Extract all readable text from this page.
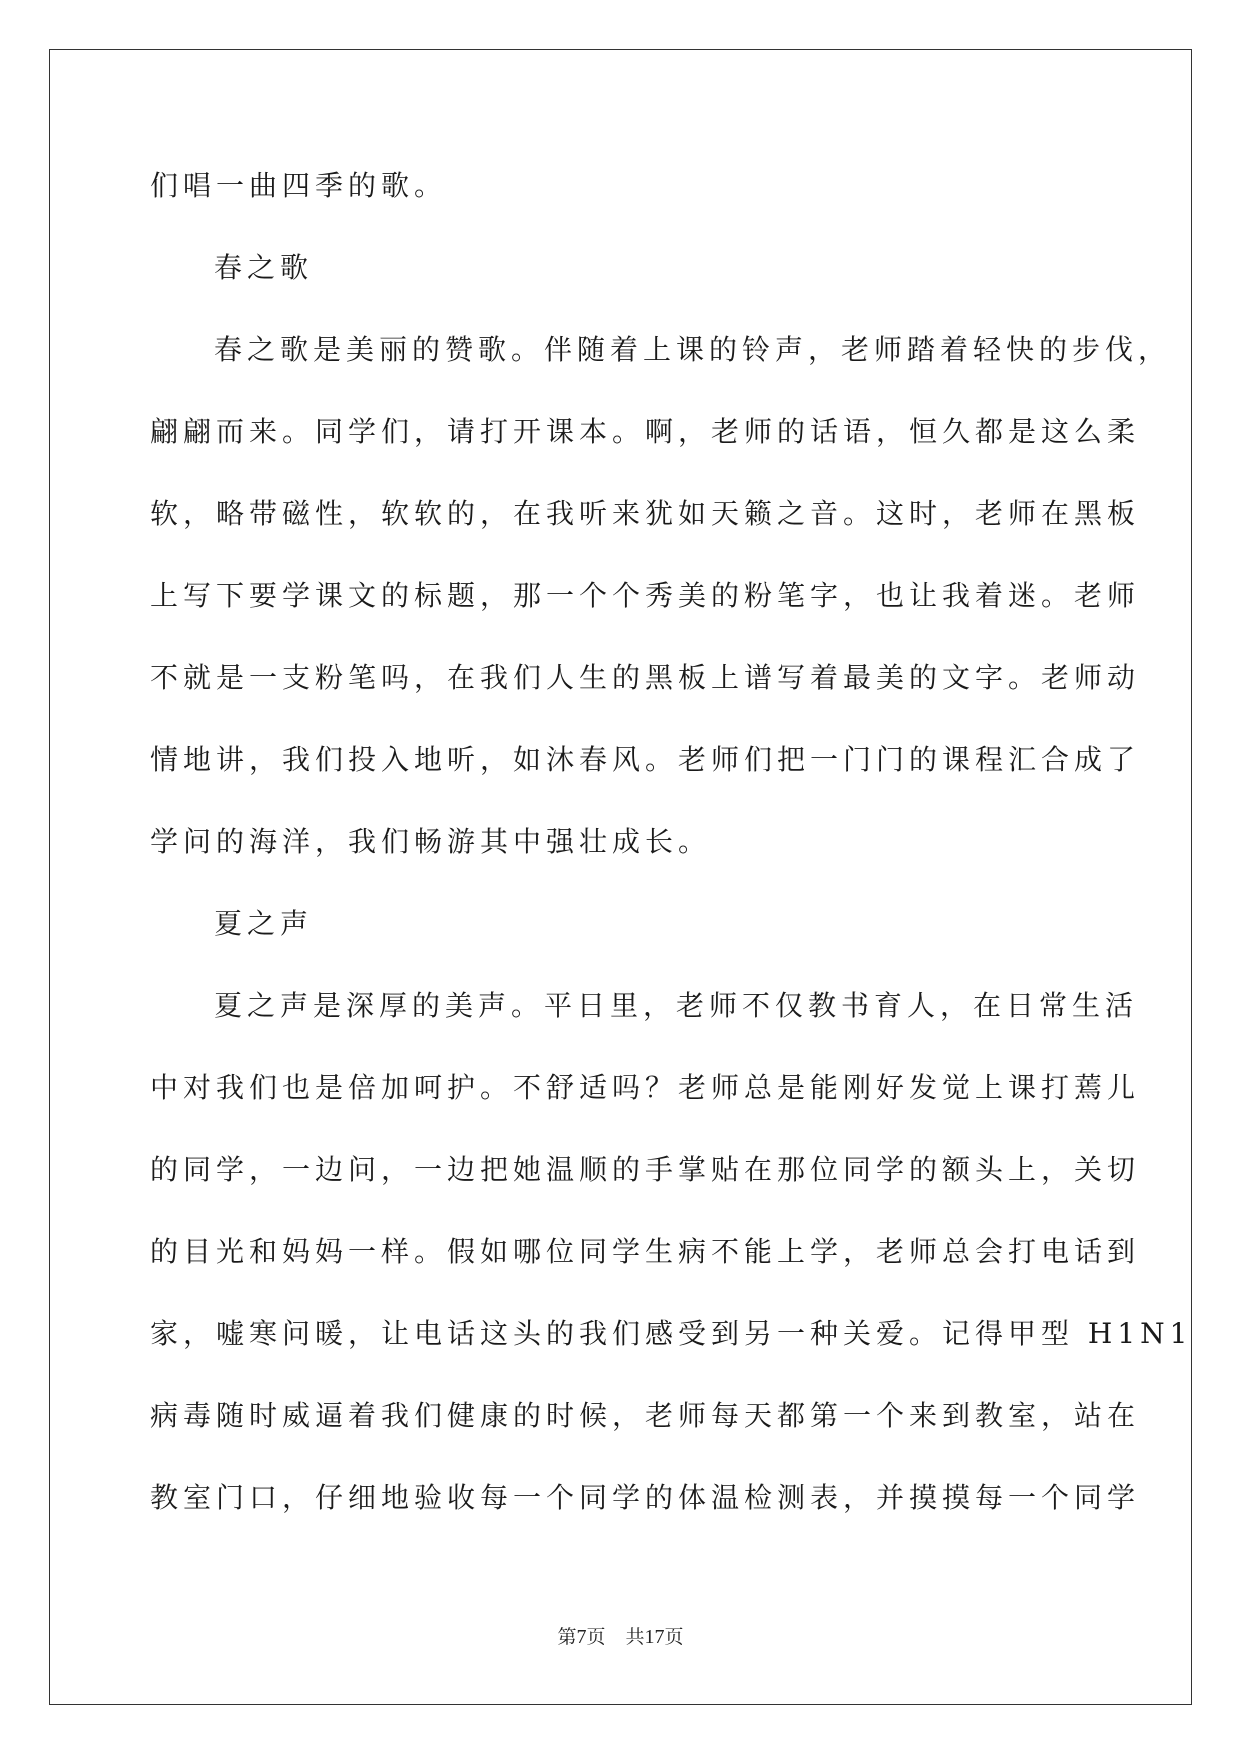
们唱一曲四季的歌。
春之歌
春之歌是美丽的赞歌。伴随着上课的铃声，老师踏着轻快的步伐，
翩翩而来。同学们，请打开课本。啊，老师的话语，恒久都是这么柔
软，略带磁性，软软的，在我听来犹如天籁之音。这时，老师在黑板
上写下要学课文的标题，那一个个秀美的粉笔字，也让我着迷。老师
不就是一支粉笔吗，在我们人生的黑板上谱写着最美的文字。老师动
情地讲，我们投入地听，如沐春风。老师们把一门门的课程汇合成了
学问的海洋，我们畅游其中强壮成长。
夏之声
夏之声是深厚的美声。平日里，老师不仅教书育人，在日常生活
中对我们也是倍加呵护。不舒适吗？老师总是能刚好发觉上课打蔫儿
的同学，一边问，一边把她温顺的手掌贴在那位同学的额头上，关切
的目光和妈妈一样。假如哪位同学生病不能上学，老师总会打电话到
家，嘘寒问暖，让电话这头的我们感受到另一种关爱。记得甲型 H1N1
病毒随时威逼着我们健康的时候，老师每天都第一个来到教室，站在
教室门口，仔细地验收每一个同学的体温检测表，并摸摸每一个同学
第7页 共17页
